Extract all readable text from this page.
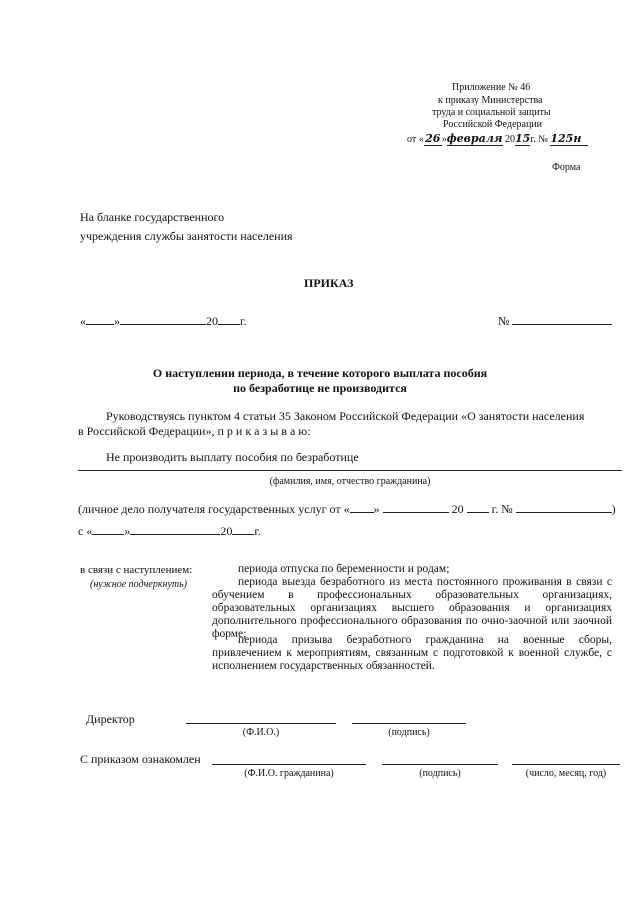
Приложение № 46
к приказу Министерства
труда и социальной защиты
Российской Федерации
от «26»февраля 2015г. № 125н
Форма
На бланке государственного
учреждения службы занятости населения
ПРИКАЗ
« »	20 г.	№
О наступлении периода, в течение которого выплата пособия
по безработице не производится
Руководствуясь пунктом 4 статьи 35 Законом Российской Федерации «О занятости населения
в Российской Федерации», п р и к а з ы в а ю:
Не производить выплату пособия по безработице
(фамилия, имя, отчество гражданина)
(личное дело получателя государственных услуг от « »	20 г. №	)
с «	»	20 г.
в связи с наступлением:
(нужное подчеркнуть)
периода отпуска по беременности и родам;
периода выезда безработного из места постоянного проживания в связи с обучением в профессиональных образовательных организациях, образовательных организациях высшего образования и организациях дополнительного профессионального образования по очно-заочной или заочной форме;
периода призыва безработного гражданина на военные сборы, привлечением к мероприятиям, связанным с подготовкой к военной службе, с исполнением государственных обязанностей.
Директор
(Ф.И.О.)	(подпись)
С приказом ознакомлен
(Ф.И.О. гражданина)	(подпись)	(число, месяц, год)
